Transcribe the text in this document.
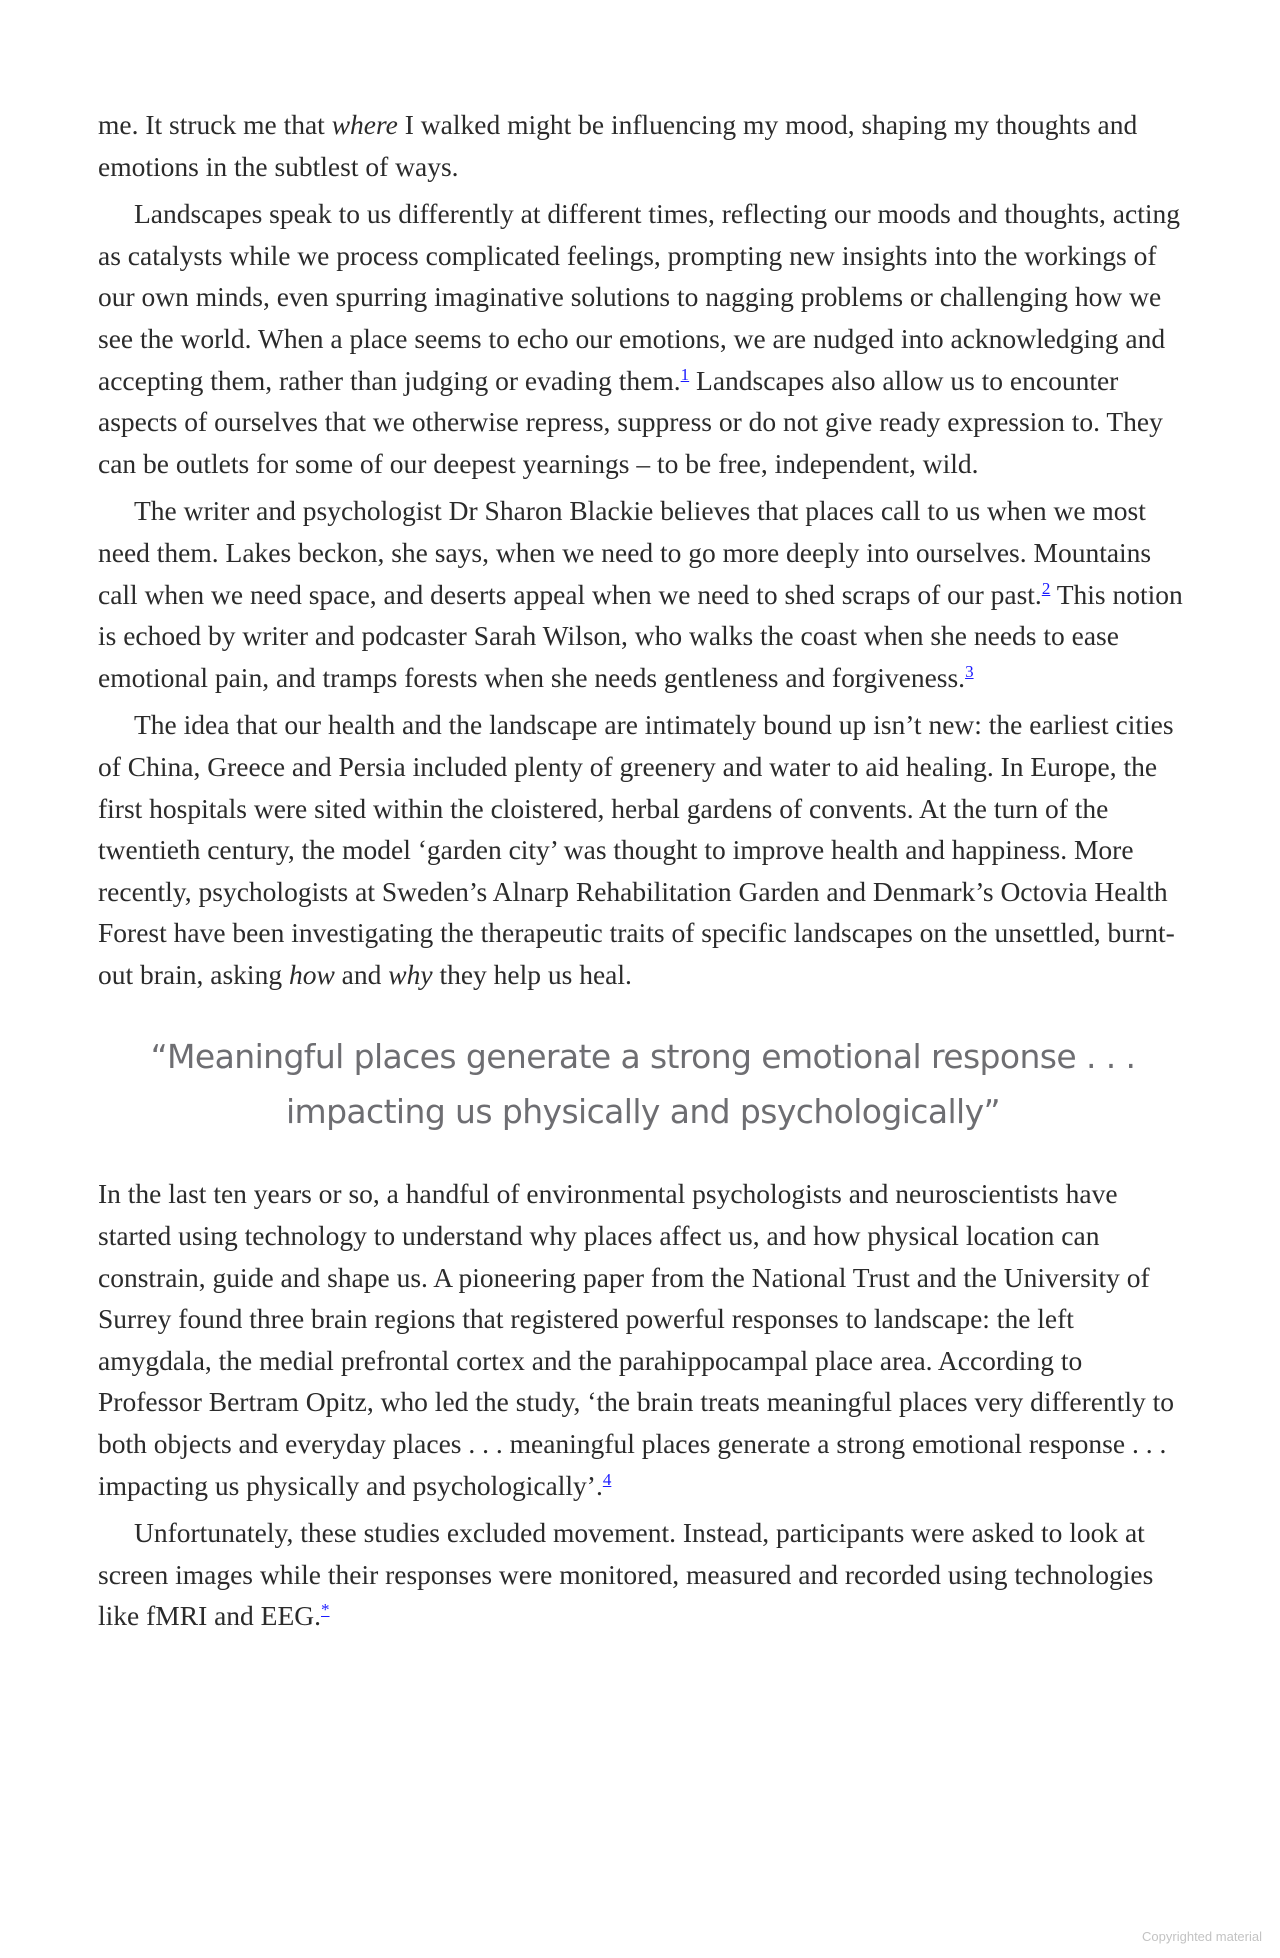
me. It struck me that where I walked might be influencing my mood, shaping my thoughts and emotions in the subtlest of ways.

Landscapes speak to us differently at different times, reflecting our moods and thoughts, acting as catalysts while we process complicated feelings, prompting new insights into the workings of our own minds, even spurring imaginative solutions to nagging problems or challenging how we see the world. When a place seems to echo our emotions, we are nudged into acknowledging and accepting them, rather than judging or evading them.$^1$ Landscapes also allow us to encounter aspects of ourselves that we otherwise repress, suppress or do not give ready expression to. They can be outlets for some of our deepest yearnings – to be free, independent, wild.

The writer and psychologist Dr Sharon Blackie believes that places call to us when we most need them. Lakes beckon, she says, when we need to go more deeply into ourselves. Mountains call when we need space, and deserts appeal when we need to shed scraps of our past.$^2$ This notion is echoed by writer and podcaster Sarah Wilson, who walks the coast when she needs to ease emotional pain, and tramps forests when she needs gentleness and forgiveness.$^3$

The idea that our health and the landscape are intimately bound up isn’t new: the earliest cities of China, Greece and Persia included plenty of greenery and water to aid healing. In Europe, the first hospitals were sited within the cloistered, herbal gardens of convents. At the turn of the twentieth century, the model ‘garden city’ was thought to improve health and happiness. More recently, psychologists at Sweden’s Alnarp Rehabilitation Garden and Denmark’s Octovia Health Forest have been investigating the therapeutic traits of specific landscapes on the unsettled, burnt-out brain, asking how and why they help us heal.

“Meaningful places generate a strong emotional response . . . impacting us physically and psychologically”

In the last ten years or so, a handful of environmental psychologists and neuroscientists have started using technology to understand why places affect us, and how physical location can constrain, guide and shape us. A pioneering paper from the National Trust and the University of Surrey found three brain regions that registered powerful responses to landscape: the left amygdala, the medial prefrontal cortex and the parahippocampal place area. According to Professor Bertram Opitz, who led the study, ‘the brain treats meaningful places very differently to both objects and everyday places . . . meaningful places generate a strong emotional response . . . impacting us physically and psychologically’.$^4$

Unfortunately, these studies excluded movement. Instead, participants were asked to look at screen images while their responses were monitored, measured and recorded using technologies like fMRI and EEG.*

Copyrighted material
